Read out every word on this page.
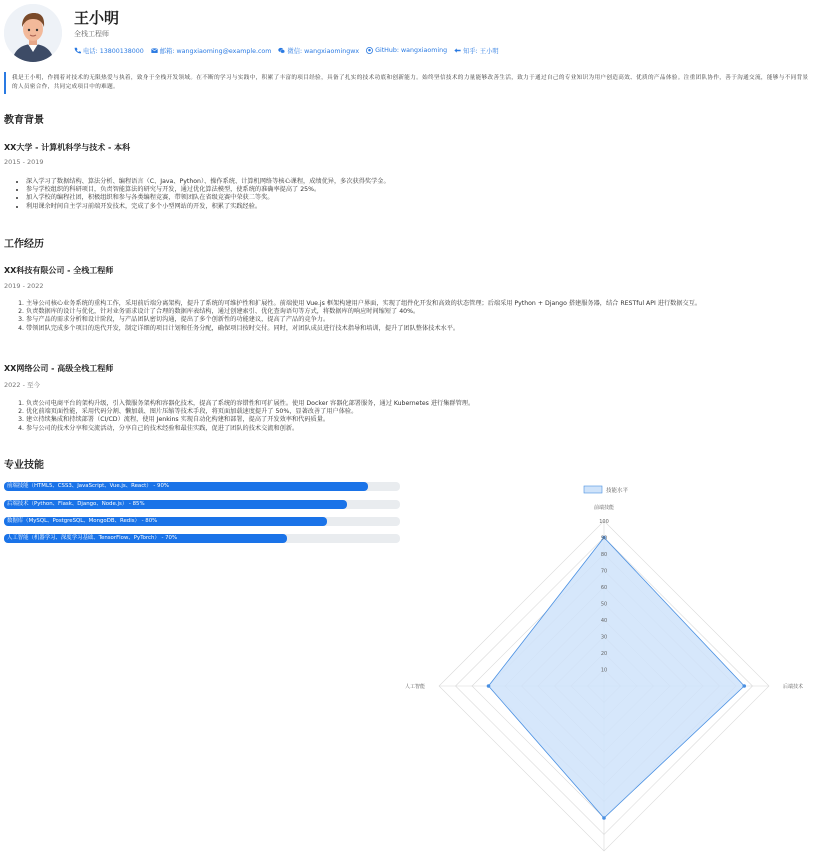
王小明
全栈工程师
电话: 13800138000	邮箱: wangxiaoming@example.com	微信: wangxiaomingwx	GitHub: wangxiaoming	知乎: 王小明
我是王小明，作拥着对技术的无限热爱与执着，致身于全栈开发领域。在不断的学习与实践中，积累了丰富的项目经验，具备了扎实的技术功底和创新能力。始终坚信技术的力量能够改善生活，致力于通过自己的专业知识为用户创造高效、优质的产品体验。注重团队协作，善于沟通交流，能够与不同背景的人员密合作，共同完成项目中的难题。
教育背景
XX大学 - 计算机科学与技术 - 本科
2015 - 2019
• 深入学习了数据结构、算法分析、编程语言（C、Java、Python）、操作系统、计算机网络等核心课程，成绩优异，多次获得奖学金。
• 参与学校组织的科研项目，负责智能算法的研究与开发，通过优化算法模型，使系统的准确率提高了 25%。
• 加入学校的编程社团，积极组织和参与各类编程竞赛，带领团队在省级竞赛中荣获二等奖。
• 利用课余时间自主学习前端开发技术，完成了多个小型网站的开发，积累了实践经验。
工作经历
XX科技有限公司 - 全栈工程师
2019 - 2022
1. 主导公司核心业务系统的重构工作，采用前后端分离架构，提升了系统的可维护性和扩展性。前端使用 Vue.js 框架构建用户界面，实现了组件化开发和高效的状态管理；后端采用 Python + Django 搭建服务器，结合 RESTful API 进行数据交互。
2. 负责数据库的设计与优化，针对业务需求设计了合理的数据库表结构，通过创建索引、优化查询语句等方式，将数据库的响应时间缩短了 40%。
3. 参与产品的需求分析和设计阶段，与产品团队密切沟通，提出了多个创新性的功能建议，提高了产品的竞争力。
4. 带领团队完成多个项目的迭代开发，制定详细的项目计划和任务分配，确保项目按时交付。同时，对团队成员进行技术指导和培训，提升了团队整体技术水平。
XX网络公司 - 高级全栈工程师
2022 - 至今
1. 负责公司电商平台的架构升级，引入微服务架构和容器化技术，提高了系统的容错性和可扩展性。使用 Docker 容器化部署服务，通过 Kubernetes 进行集群管理。
2. 优化前端页面性能，采用代码分割、懒加载、图片压缩等技术手段，将页面加载速度提升了 50%，显著改善了用户体验。
3. 建立持续集成和持续部署（CI/CD）流程，使用 Jenkins 实现自动化构建和部署，提高了开发效率和代码质量。
4. 参与公司的技术分享和交流活动，分享自己的技术经验和最佳实践，促进了团队的技术交流和创新。
专业技能
前端技能（HTML5、CSS3、JavaScript、Vue.js、React） - 90%
后端技术（Python、Flask、Django、Node.js） - 85%
数据库（MySQL、PostgreSQL、MongoDB、Redis） - 80%
人工智能（机器学习、深度学习基础、TensorFlow、PyTorch） - 70%
10
20
30
40
50
60
70
80
90
100
前端技能
后端技术
人工智能
技能水平
